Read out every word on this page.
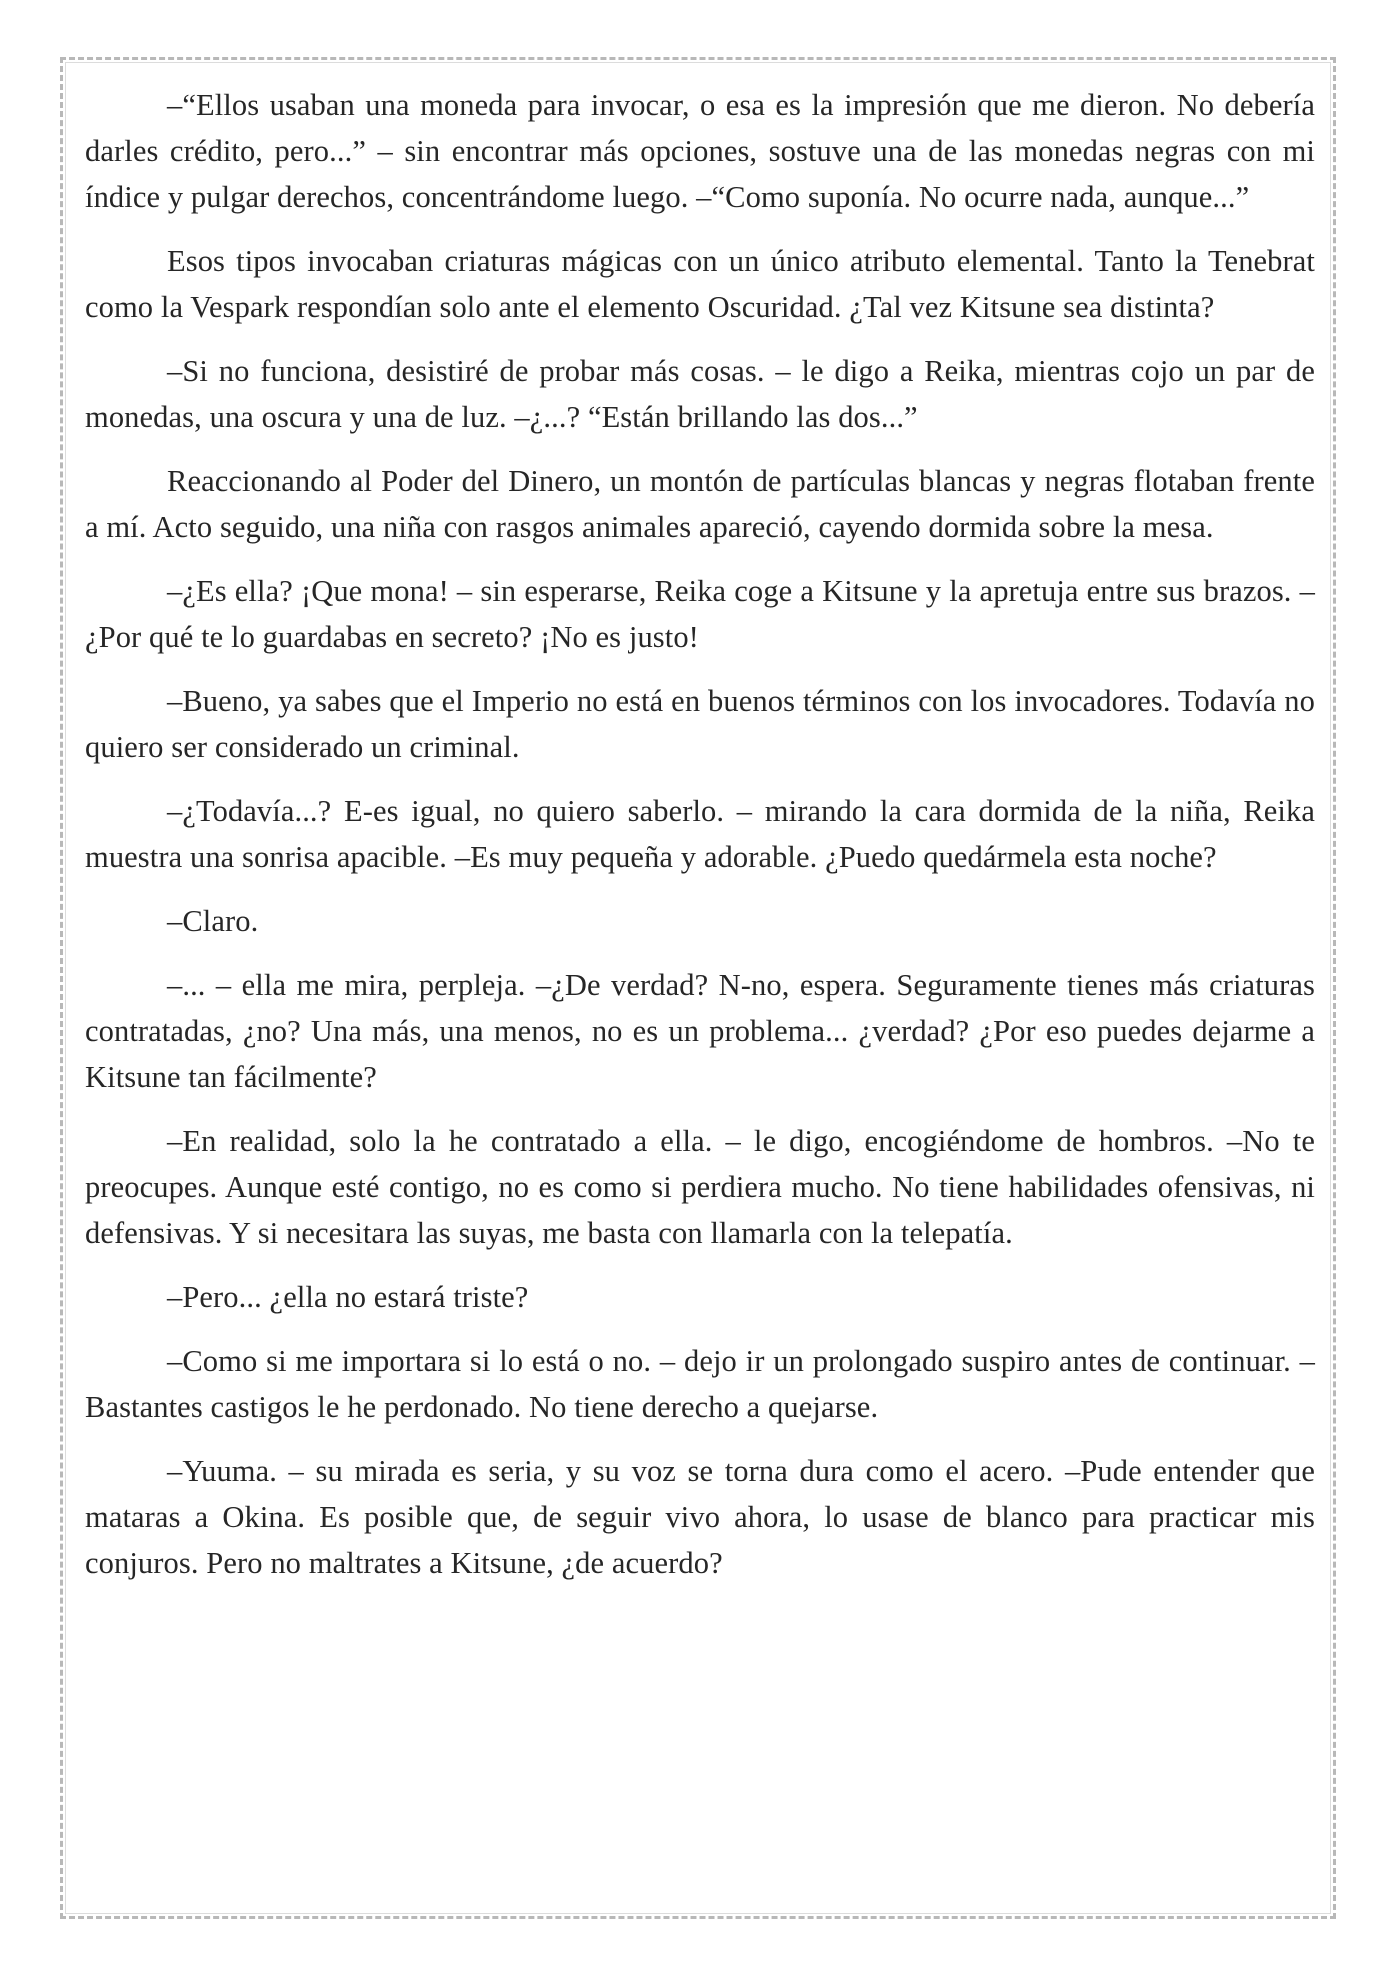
–“Ellos usaban una moneda para invocar, o esa es la impresión que me dieron. No debería darles crédito, pero...” – sin encontrar más opciones, sostuve una de las monedas negras con mi índice y pulgar derechos, concentrándome luego. –“Como suponía. No ocurre nada, aunque...”

Esos tipos invocaban criaturas mágicas con un único atributo elemental. Tanto la Tenebrat como la Vespark respondían solo ante el elemento Oscuridad. ¿Tal vez Kitsune sea distinta?

–Si no funciona, desistiré de probar más cosas. – le digo a Reika, mientras cojo un par de monedas, una oscura y una de luz. –¿...? “Están brillando las dos...”

Reaccionando al Poder del Dinero, un montón de partículas blancas y negras flotaban frente a mí. Acto seguido, una niña con rasgos animales apareció, cayendo dormida sobre la mesa.

–¿Es ella? ¡Que mona! – sin esperarse, Reika coge a Kitsune y la apretuja entre sus brazos. –¿Por qué te lo guardabas en secreto? ¡No es justo!

–Bueno, ya sabes que el Imperio no está en buenos términos con los invocadores. Todavía no quiero ser considerado un criminal.

–¿Todavía...? E-es igual, no quiero saberlo. – mirando la cara dormida de la niña, Reika muestra una sonrisa apacible. –Es muy pequeña y adorable. ¿Puedo quedármela esta noche?

–Claro.

–... – ella me mira, perpleja. –¿De verdad? N-no, espera. Seguramente tienes más criaturas contratadas, ¿no? Una más, una menos, no es un problema... ¿verdad? ¿Por eso puedes dejarme a Kitsune tan fácilmente?

–En realidad, solo la he contratado a ella. – le digo, encogiéndome de hombros. –No te preocupes. Aunque esté contigo, no es como si perdiera mucho. No tiene habilidades ofensivas, ni defensivas. Y si necesitara las suyas, me basta con llamarla con la telepatía.

–Pero... ¿ella no estará triste?

–Como si me importara si lo está o no. – dejo ir un prolongado suspiro antes de continuar. –Bastantes castigos le he perdonado. No tiene derecho a quejarse.

–Yuuma. – su mirada es seria, y su voz se torna dura como el acero. –Pude entender que mataras a Okina. Es posible que, de seguir vivo ahora, lo usase de blanco para practicar mis conjuros. Pero no maltrates a Kitsune, ¿de acuerdo?
